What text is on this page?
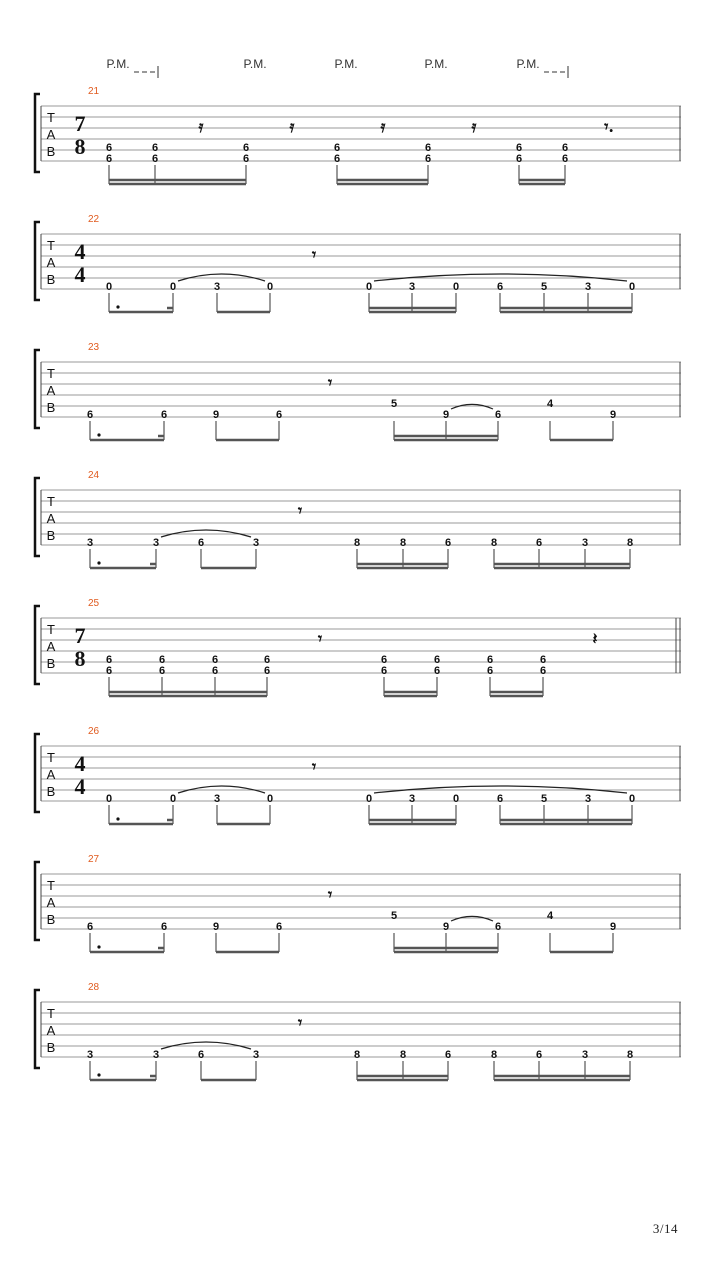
P.M.	P.M.	P.M.	P.M.	P.M.
21
T
A
B
7
8
𝄿	𝄿	𝄿	𝄿	𝄾.
6
6
6
6
6
6
6
6
6
6
6
6
6
6
22
T
A
B
4
4
𝄾
0	0	3	0	0	3	0	6	5	3	0
23
T
A
B
𝄾
6	6	9	6
5
9	6
4
9
24
T
A
B
𝄾
3	3	6	3	8	8	6	8	6	3	8
25
T
A
B
7
8
𝄾	𝄽
6
6
6
6
6
6
6
6
6
6
6
6
6
6
6
6
26
T
A
B
4
4
𝄾
0	0	3	0	0	3	0	6	5	3	0
27
T
A
B
𝄾
6	6	9	6
5
9	6
4
9
28
T
A
B
𝄾
3	3	6	3	8	8	6	8	6	3	8
3/14
